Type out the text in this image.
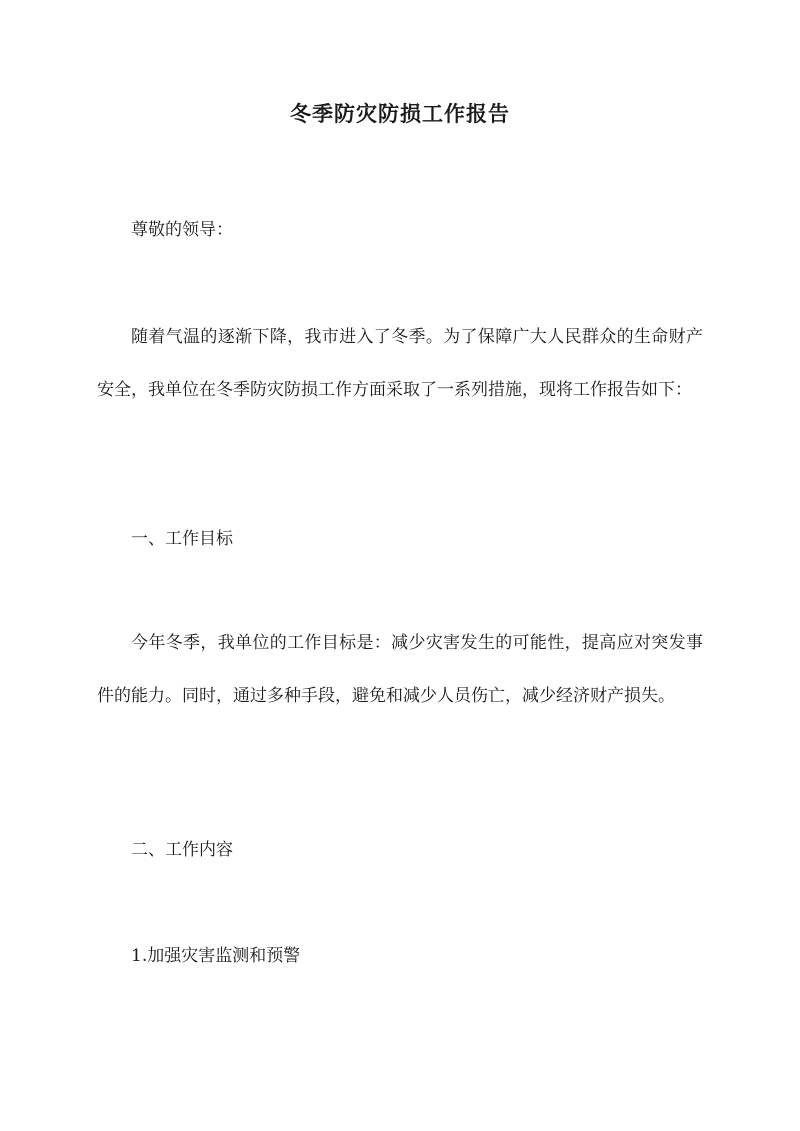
冬季防灾防损工作报告

尊敬的领导：

随着气温的逐渐下降，我市进入了冬季。为了保障广大人民群众的生命财产安全，我单位在冬季防灾防损工作方面采取了一系列措施，现将工作报告如下：

一、工作目标

今年冬季，我单位的工作目标是：减少灾害发生的可能性，提高应对突发事件的能力。同时，通过多种手段，避免和减少人员伤亡，减少经济财产损失。

二、工作内容

1.加强灾害监测和预警
